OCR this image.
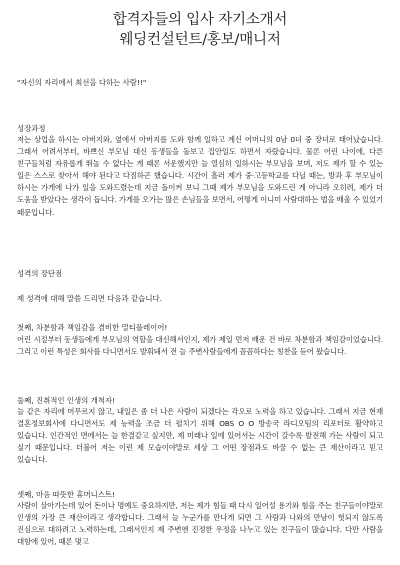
합격자들의 입사 자기소개서
웨딩컨설턴트/홍보/매니저
"자신의 자리에서 최선을 다하는 사람!!"
성장과정
저는 상업을 하시는 아버지와, 옆에서 아버지를 도와 함께 일하고 계신 어머니의 0남 0녀 중 장녀로 태어났습니다. 그래서 어려서부터, 바쁘신 부모님 대신 동생들을 돌보고 집안일도 하면서 자랐습니다. 물론 어린 나이에, 다른 친구들처럼 자유롭게 뛰놀 수 없다는 게 때론 서운했지만 늘 열심히 일하시는 부모님을 보며, 저도 제가 할 수 있는 일은 스스로 찾아서 해야 된다고 다짐하곤 했습니다. 시간이 흘러 제가 중·고등학교를 다닐 때는, 방과 후 부모님이 하시는 가게에 나가 일을 도와드렸는데 지금 돌이켜 보니 그때 제가 부모님을 도와드린 게 아니라 오히려, 제가 더 도움을 받았다는 생각이 듭니다. 가게를 오가는 많은 손님들을 보면서, 어떻게 이니미 사람대하는 법을 배울 수 있었기 때문입니다.
성격의 장단점
제 성격에 대해 말씀 드리면 다음과 같습니다.
첫째, 차분함과 책임감을 겸비한 멀티플레이어!
어린 시절부터 동생들에게 부모님의 역할을 대신해서인지, 제가 제일 먼저 배운 건 바로 차분함과 책임감이었습니다. 그리고 이런 특성은 회사를 다니면서도 발휘돼서 전 늘 주변사람들에게 꼼꼼하다는 칭찬을 듣어 왔습니다.
둘째, 진취적인 인생의 개척자!
늘 같은 자리에 머무르지 않고, 내일은 좀 더 나은 사람이 되겠다는 각오로 노력을 하고 있습니다. 그래서 지금 현재 결혼정보회사에 다니면서도 제 능력을 조금 더 펼치기 위해 OBS O O 방송국 라디오팀의 리포터로 활약하고 있습니다. 인간적인 면에서는 늘 한결같고 싶지만, 제 미래나 일에 있어서는 시간이 갈수록 발전해 가는 사람이 되고 싶기 때문입니다. 더불어 저는 이런 제 모습이야말로 세상 그 어떤 장점과도 바꿀 수 없는 큰 재산이라고 믿고 있습니다.
셋째, 마음 따뜻한 휴머니스트!
사람이 살아가는데 있어 돈이나 명예도 중요하지만, 저는 제가 힘들 때 다시 일어설 용기와 힘을 주는 친구들이야말로 인생의 가장 큰 재산이라고 생각합니다. 그래서 늘 누군가를 만나게 되면 그 사람과 나와의 만남이 헛되지 않도록 진심으로 대하려고 노력하는데, 그래서인지 제 주변엔 진정한 우정을 나누고 있는 친구들이 많습니다. 다만 사람을 대함에 있어, 때론 몇고
